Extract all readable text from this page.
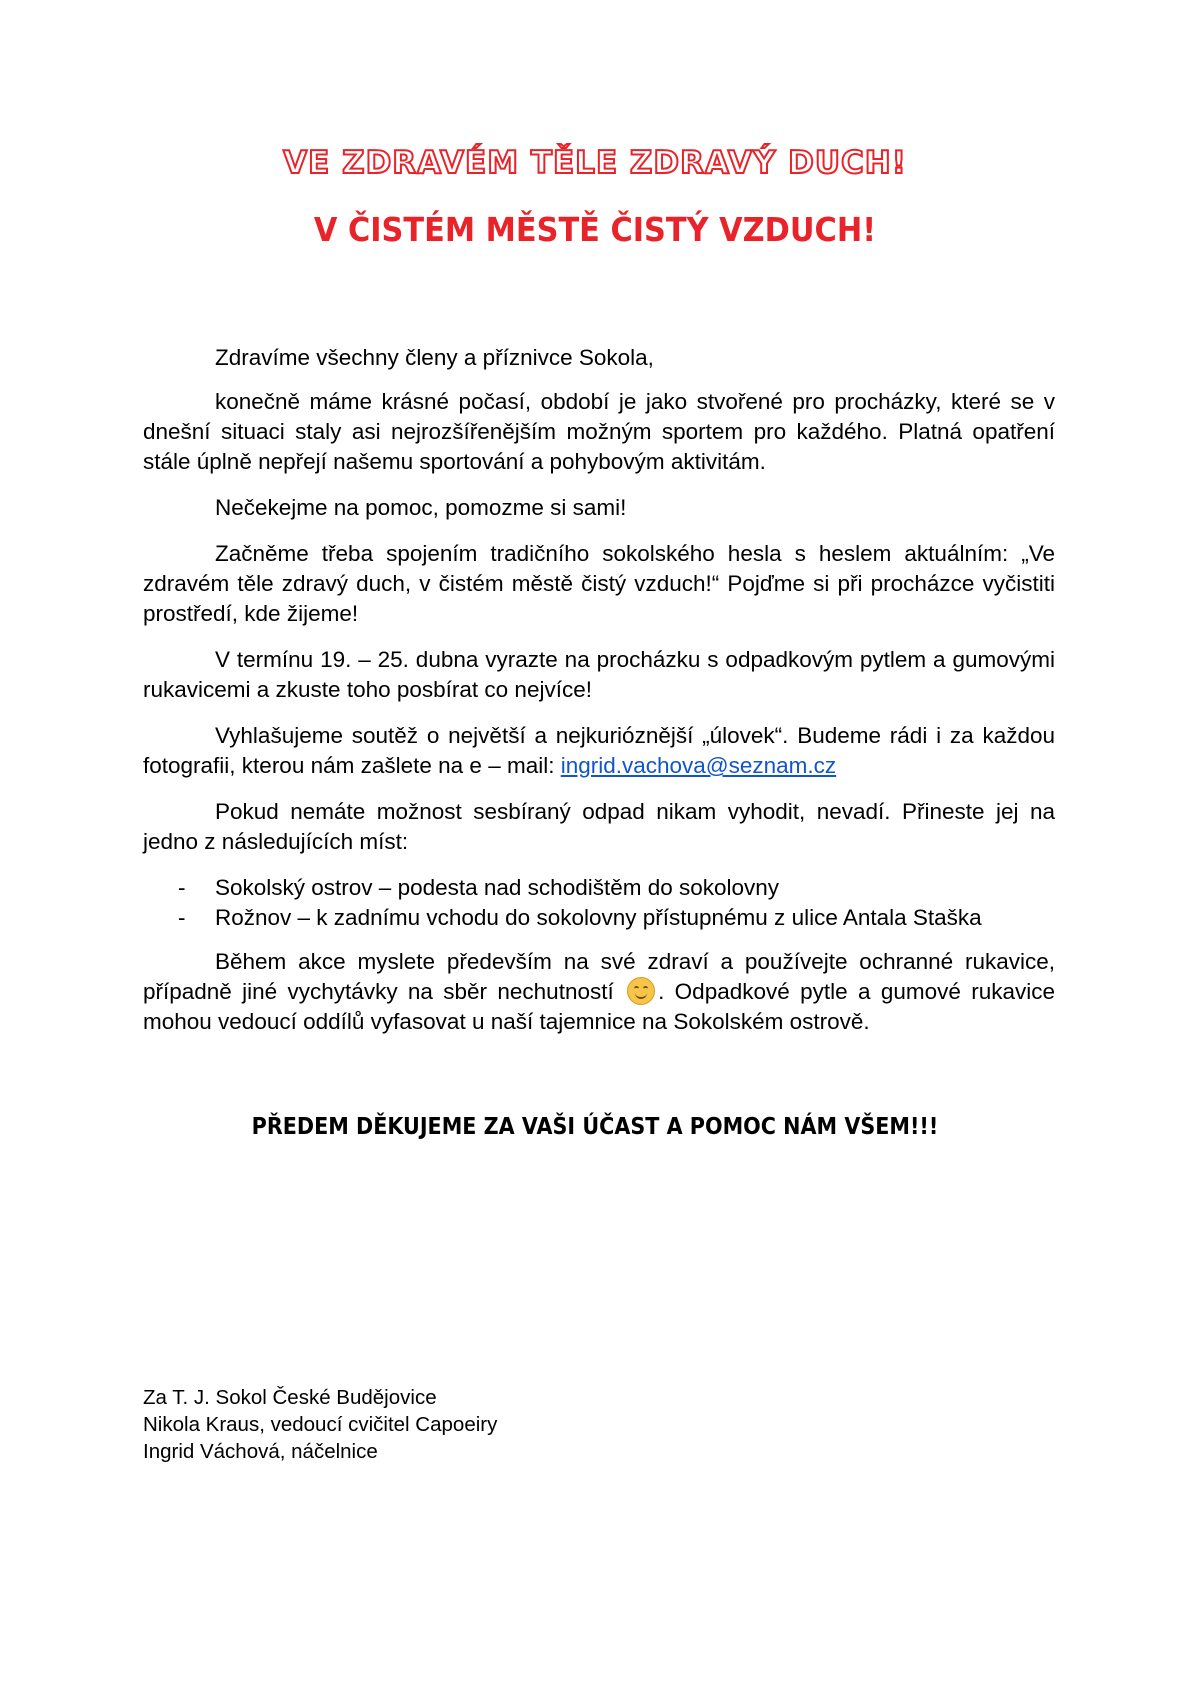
VE ZDRAVÉM TĚLE ZDRAVÝ DUCH!
V ČISTÉM MĚSTĚ ČISTÝ VZDUCH!

Zdravíme všechny členy a příznivce Sokola,

konečně máme krásné počasí, období je jako stvořené pro procházky, které se v dnešní situaci staly asi nejrozšířenějším možným sportem pro každého. Platná opatření stále úplně nepřejí našemu sportování a pohybovým aktivitám.

Nečekejme na pomoc, pomozme si sami!

Začněme třeba spojením tradičního sokolského hesla s heslem aktuálním: „Ve zdravém těle zdravý duch, v čistém městě čistý vzduch!“ Pojďme si při procházce vyčistiti prostředí, kde žijeme!

V termínu 19. – 25. dubna vyrazte na procházku s odpadkovým pytlem a gumovými rukavicemi a zkuste toho posbírat co nejvíce!

Vyhlašujeme soutěž o největší a nejkurióznější „úlovek“. Budeme rádi i za každou fotografii, kterou nám zašlete na e – mail: ingrid.vachova@seznam.cz

Pokud nemáte možnost sesbíraný odpad nikam vyhodit, nevadí. Přineste jej na jedno z následujících míst:

- Sokolský ostrov – podesta nad schodištěm do sokolovny
- Rožnov – k zadnímu vchodu do sokolovny přístupnému z ulice Antala Staška

Během akce myslete především na své zdraví a používejte ochranné rukavice, případně jiné vychytávky na sběr nechutností
. Odpadkové pytle a gumové rukavice mohou vedoucí oddílů vyfasovat u naší tajemnice na Sokolském ostrově.

PŘEDEM DĚKUJEME ZA VAŠI ÚČAST A POMOC NÁM VŠEM!!!
Za T. J. Sokol České Budějovice
Nikola Kraus, vedoucí cvičitel Capoeiry
Ingrid Váchová, náčelnice
